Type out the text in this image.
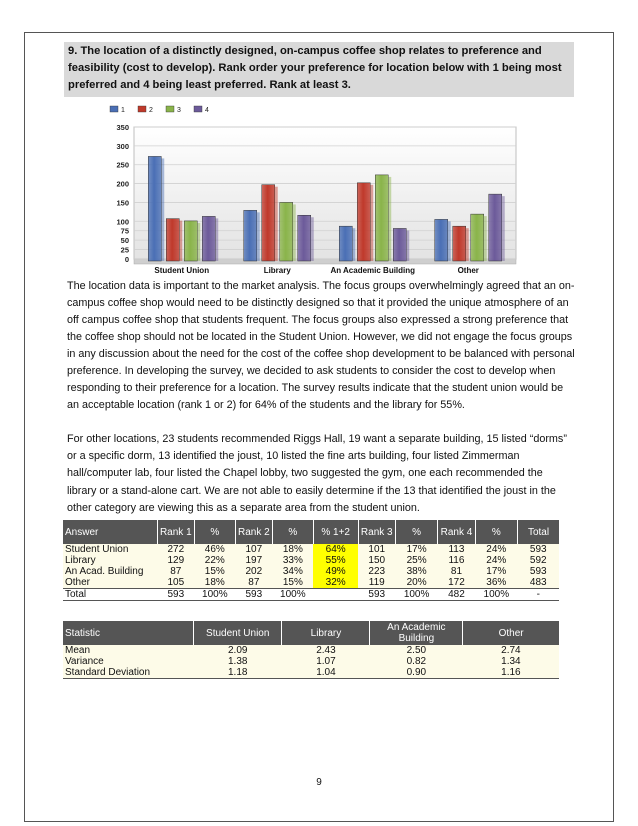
9. The location of a distinctly designed, on-campus coffee shop relates to preference and feasibility (cost to develop). Rank order your preference for location below with 1 being most preferred and 4 being least preferred. Rank at least 3.
0
25
50
75
100
150
200
250
300
350
1	2	3	4
Student Union	Library	An Academic Building	Other

The location data is important to the market analysis. The focus groups overwhelmingly agreed that an on-campus coffee shop would need to be distinctly designed so that it provided the unique atmosphere of an off campus coffee shop that students frequent. The focus groups also expressed a strong preference that the coffee shop should not be located in the Student Union. However, we did not engage the focus groups in any discussion about the need for the cost of the coffee shop development to be balanced with personal preference. In developing the survey, we decided to ask students to consider the cost to develop when responding to their preference for a location. The survey results indicate that the student union would be an acceptable location (rank 1 or 2) for 64% of the students and the library for 55%.

For other locations, 23 students recommended Riggs Hall, 19 want a separate building, 15 listed “dorms” or a specific dorm, 13 identified the joust, 10 listed the fine arts building, four listed Zimmerman hall/computer lab, four listed the Chapel lobby, two suggested the gym, one each recommended the library or a stand-alone cart. We are not able to easily determine if the 13 that identified the joust in the other category are viewing this as a separate area from the student union.

Answer	Rank 1	%	Rank 2	%	% 1+2	Rank 3	%	Rank 4	%	Total
Student Union	272	46%	107	18%	64%	101	17%	113	24%	593
Library	129	22%	197	33%	55%	150	25%	116	24%	592
An Acad. Building	87	15%	202	34%	49%	223	38%	81	17%	593
Other	105	18%	87	15%	32%	119	20%	172	36%	483
Total	593	100%	593	100%		593	100%	482	100%	-
Statistic	Student Union	Library	An Academic Building	Other
Mean	2.09	2.43	2.50	2.74
Variance	1.38	1.07	0.82	1.34
Standard Deviation	1.18	1.04	0.90	1.16
9
